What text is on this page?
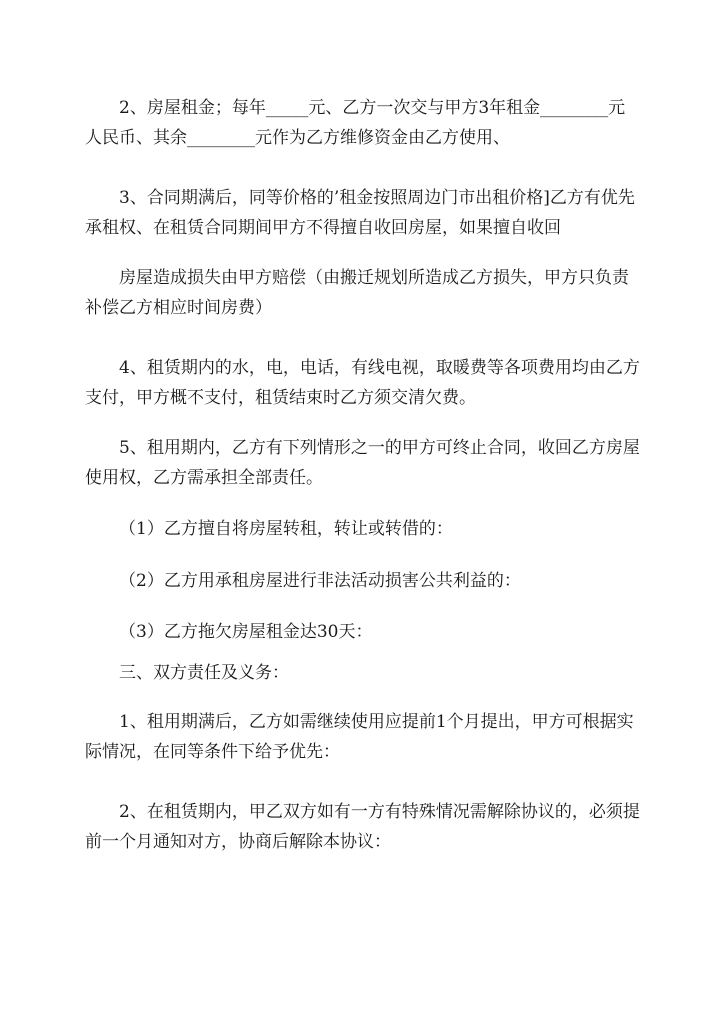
2、房屋租金；每年_____元、乙方一次交与甲方3年租金________元人民币、其余________元作为乙方维修资金由乙方使用、

3、合同期满后，同等价格的’租金按照周边门市出租价格]乙方有优先承租权、在租赁合同期间甲方不得擅自收回房屋，如果擅自收回

房屋造成损失由甲方赔偿（由搬迁规划所造成乙方损失，甲方只负责补偿乙方相应时间房费）

4、租赁期内的水，电，电话，有线电视，取暖费等各项费用均由乙方支付，甲方概不支付，租赁结束时乙方须交清欠费。

5、租用期内，乙方有下列情形之一的甲方可终止合同，收回乙方房屋使用权，乙方需承担全部责任。

（1）乙方擅自将房屋转租，转让或转借的：

（2）乙方用承租房屋进行非法活动损害公共利益的：

（3）乙方拖欠房屋租金达30天：

三、双方责任及义务：

1、租用期满后，乙方如需继续使用应提前1个月提出，甲方可根据实际情况，在同等条件下给予优先：

2、在租赁期内，甲乙双方如有一方有特殊情况需解除协议的，必须提前一个月通知对方，协商后解除本协议：
